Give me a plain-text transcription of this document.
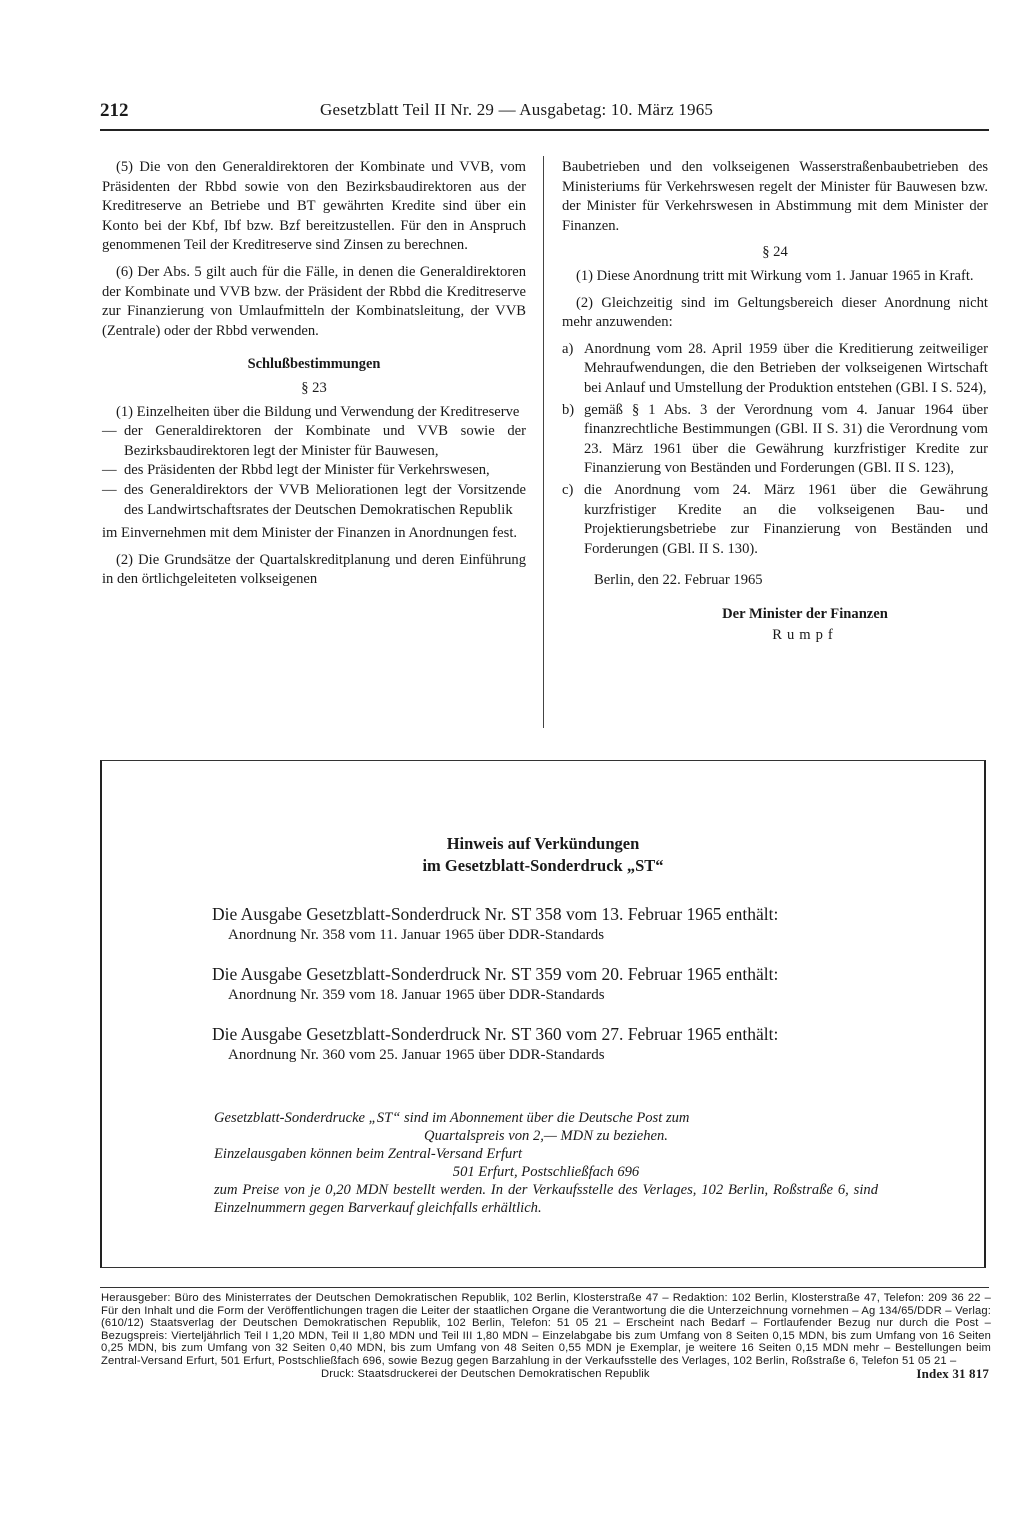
212	Gesetzblatt Teil II Nr. 29 — Ausgabetag: 10. März 1965

(5) Die von den Generaldirektoren der Kombinate und VVB, vom Präsidenten der Rbbd sowie von den Bezirksbaudirektoren aus der Kreditreserve an Betriebe und BT gewährten Kredite sind über ein Konto bei der Kbf, Ibf bzw. Bzf bereitzustellen. Für den in Anspruch genommenen Teil der Kreditreserve sind Zinsen zu berechnen.

(6) Der Abs. 5 gilt auch für die Fälle, in denen die Generaldirektoren der Kombinate und VVB bzw. der Präsident der Rbbd die Kreditreserve zur Finanzierung von Umlaufmitteln der Kombinatsleitung, der VVB (Zentrale) oder der Rbbd verwenden.

Schlußbestimmungen
§ 23

(1) Einzelheiten über die Bildung und Verwendung der Kreditreserve

— der Generaldirektoren der Kombinate und VVB sowie der Bezirksbaudirektoren legt der Minister für Bauwesen,
— des Präsidenten der Rbbd legt der Minister für Verkehrswesen,
— des Generaldirektors der VVB Meliorationen legt der Vorsitzende des Landwirtschaftsrates der Deutschen Demokratischen Republik

im Einvernehmen mit dem Minister der Finanzen in Anordnungen fest.

(2) Die Grundsätze der Quartalskreditplanung und deren Einführung in den örtlichgeleiteten volkseigenen

Baubetrieben und den volkseigenen Wasserstraßenbaubetrieben des Ministeriums für Verkehrswesen regelt der Minister für Bauwesen bzw. der Minister für Verkehrswesen in Abstimmung mit dem Minister der Finanzen.

§ 24

(1) Diese Anordnung tritt mit Wirkung vom 1. Januar 1965 in Kraft.

(2) Gleichzeitig sind im Geltungsbereich dieser Anordnung nicht mehr anzuwenden:

a) Anordnung vom 28. April 1959 über die Kreditierung zeitweiliger Mehraufwendungen, die den Betrieben der volkseigenen Wirtschaft bei Anlauf und Umstellung der Produktion entstehen (GBl. I S. 524),
b) gemäß § 1 Abs. 3 der Verordnung vom 4. Januar 1964 über finanzrechtliche Bestimmungen (GBl. II S. 31) die Verordnung vom 23. März 1961 über die Gewährung kurzfristiger Kredite zur Finanzierung von Beständen und Forderungen (GBl. II S. 123),
c) die Anordnung vom 24. März 1961 über die Gewährung kurzfristiger Kredite an die volkseigenen Bau- und Projektierungsbetriebe zur Finanzierung von Beständen und Forderungen (GBl. II S. 130).

Berlin, den 22. Februar 1965

Der Minister der Finanzen
Rumpf
Hinweis auf Verkündungen
im Gesetzblatt-Sonderdruck „ST“
Die Ausgabe Gesetzblatt-Sonderdruck Nr. ST 358 vom 13. Februar 1965 enthält:
Anordnung Nr. 358 vom 11. Januar 1965 über DDR-Standards
Die Ausgabe Gesetzblatt-Sonderdruck Nr. ST 359 vom 20. Februar 1965 enthält:
Anordnung Nr. 359 vom 18. Januar 1965 über DDR-Standards
Die Ausgabe Gesetzblatt-Sonderdruck Nr. ST 360 vom 27. Februar 1965 enthält:
Anordnung Nr. 360 vom 25. Januar 1965 über DDR-Standards
Gesetzblatt-Sonderdrucke „ST“ sind im Abonnement über die Deutsche Post zum
Quartalspreis von 2,— MDN zu beziehen.
Einzelausgaben können beim Zentral-Versand Erfurt
501 Erfurt, Postschließfach 696
zum Preise von je 0,20 MDN bestellt werden. In der Verkaufsstelle des Verlages, 102 Berlin, Roßstraße 6, sind Einzelnummern gegen Barverkauf gleichfalls erhältlich.
Herausgeber: Büro des Ministerrates der Deutschen Demokratischen Republik, 102 Berlin, Klosterstraße 47 – Redaktion: 102 Berlin, Klosterstraße 47, Telefon: 209 36 22 – Für den Inhalt und die Form der Veröffentlichungen tragen die Leiter der staatlichen Organe die Verantwortung die die Unterzeichnung vornehmen – Ag 134/65/DDR – Verlag: (610/12) Staatsverlag der Deutschen Demokratischen Republik, 102 Berlin, Telefon: 51 05 21 – Erscheint nach Bedarf – Fortlaufender Bezug nur durch die Post – Bezugspreis: Vierteljährlich Teil I 1,20 MDN, Teil II 1,80 MDN und Teil III 1,80 MDN – Einzelabgabe bis zum Umfang von 8 Seiten 0,15 MDN, bis zum Umfang von 16 Seiten 0,25 MDN, bis zum Umfang von 32 Seiten 0,40 MDN, bis zum Umfang von 48 Seiten 0,55 MDN je Exemplar, je weitere 16 Seiten 0,15 MDN mehr – Bestellungen beim Zentral-Versand Erfurt, 501 Erfurt, Postschließfach 696, sowie Bezug gegen Barzahlung in der Verkaufsstelle des Verlages, 102 Berlin, Roßstraße 6, Telefon 51 05 21 –
Druck: Staatsdruckerei der Deutschen Demokratischen Republik	Index 31 817
